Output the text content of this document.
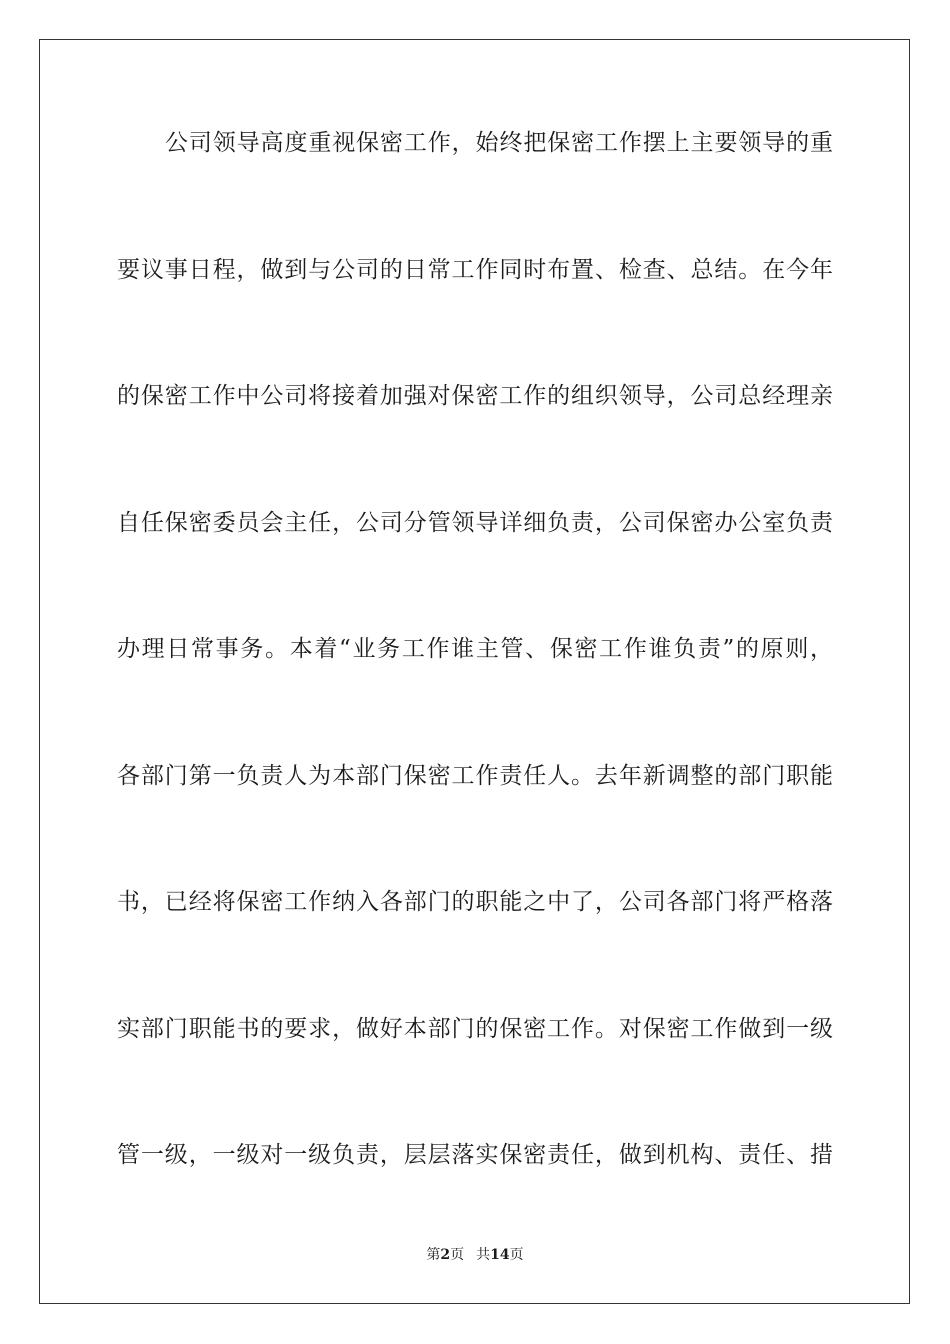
公司领导高度重视保密工作，始终把保密工作摆上主要领导的重
要议事日程，做到与公司的日常工作同时布置、检查、总结。在今年
的保密工作中公司将接着加强对保密工作的组织领导，公司总经理亲
自任保密委员会主任，公司分管领导详细负责，公司保密办公室负责
办理日常事务。本着“业务工作谁主管、保密工作谁负责”的原则，
各部门第一负责人为本部门保密工作责任人。去年新调整的部门职能
书，已经将保密工作纳入各部门的职能之中了，公司各部门将严格落
实部门职能书的要求，做好本部门的保密工作。对保密工作做到一级
管一级，一级对一级负责，层层落实保密责任，做到机构、责任、措
第2页 共14页
